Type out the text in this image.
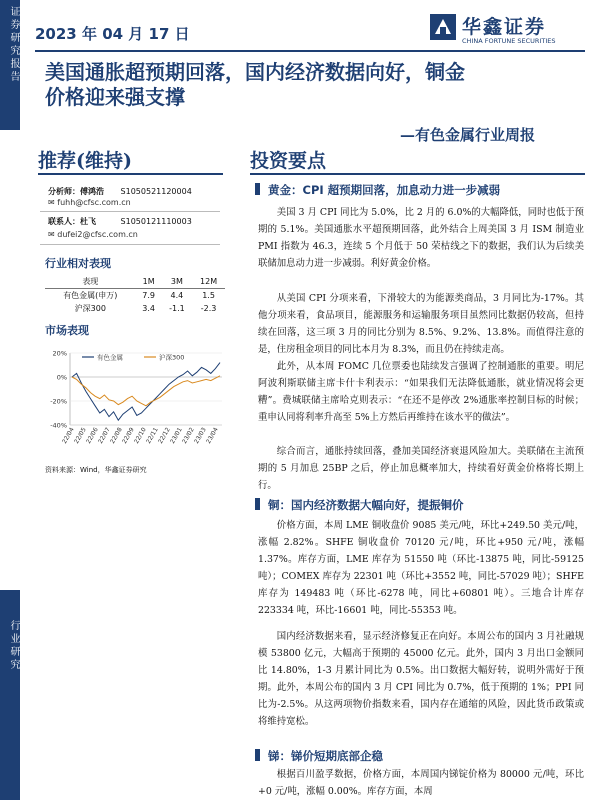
证券研究报告
行业研究
2023 年 04 月 17 日	华鑫证券
CHINA FORTUNE SECURITIES
美国通胀超预期回落，国内经济数据向好，铜金
价格迎来强支撑
—有色金属行业周报
推荐(维持)	投资要点
分析师：傅鸿浩 S1050521120004
✉ fuhh@cfsc.com.cn
联系人：杜飞	S1050121110003
✉ dufei2@cfsc.com.cn
行业相对表现
表现	1M	3M	12M
有色金属(申万)	7.9	4.4	1.5
沪深300	3.4	-1.1	-2.3
市场表现
20%
0%
-20%
-40%
22/04
22/05
22/06
22/07
22/08
22/09
22/10
22/11
22/12
23/01
23/02
23/03
23/04
有色金属	沪深300
资料来源：Wind，华鑫证券研究
黄金：CPI 超预期回落，加息动力进一步减弱
美国 3 月 CPI 同比为 5.0%，比 2 月的 6.0%的大幅降低，同时也低于预期的 5.1%。美国通胀水平超预期回落，此外结合上周美国 3 月 ISM 制造业 PMI 指数为 46.3，连续 5 个月低于 50 荣枯线之下的数据，我们认为后续美联储加息动力进一步减弱。利好黄金价格。
从美国 CPI 分项来看，下滑较大的为能源类商品，3 月同比为-17%。其他分项来看，食品项目，能源服务和运输服务项目虽然同比数据仍较高，但持续在回落，这三项 3 月的同比分别为 8.5%、9.2%、13.8%。而值得注意的是，住房租金项目的同比本月为 8.3%，而且仍在持续走高。
此外，从本周 FOMC 几位票委也陆续发言强调了控制通胀的重要。明尼阿波利斯联储主席卡什卡利表示：“如果我们无法降低通胀，就业情况将会更糟”。费城联储主席哈克则表示：“在还不是停改 2%通胀率控制目标的时候；重申认同将利率升高至 5%上方然后再维持在该水平的做法”。
综合而言，通胀持续回落，叠加美国经济衰退风险加大。美联储在主流预期的 5 月加息 25BP 之后，停止加息概率加大，持续看好黄金价格将长期上行。
铜：国内经济数据大幅向好，提振铜价
价格方面，本周 LME 铜收盘价 9085 美元/吨，环比+249.50 美元/吨，涨幅 2.82%。SHFE 铜收盘价 70120 元/吨，环比+950 元/吨，涨幅 1.37%。库存方面，LME 库存为 51550 吨（环比-13875 吨，同比-59125 吨）；COMEX 库存为 22301 吨（环比+3552 吨，同比-57029 吨）；SHFE 库存为 149483 吨（环比-6278 吨，同比+60801 吨）。三地合计库存 223334 吨，环比-16601 吨，同比-55353 吨。
国内经济数据来看，显示经济修复正在向好。本周公布的国内 3 月社融规模 53800 亿元，大幅高于预期的 45000 亿元。此外，国内 3 月出口金额同比 14.80%，1-3 月累计同比为 0.5%。出口数据大幅好转，说明外需好于预期。此外，本周公布的国内 3 月 CPI 同比为 0.7%，低于预期的 1%；PPI 同比为-2.5%。从这两项物价指数来看，国内存在通缩的风险，因此货币政策或将维持宽松。
锑：锑价短期底部企稳
根据百川盈孚数据，价格方面，本周国内锑锭价格为 80000 元/吨，环比+0 元/吨，涨幅 0.00%。库存方面，本周
